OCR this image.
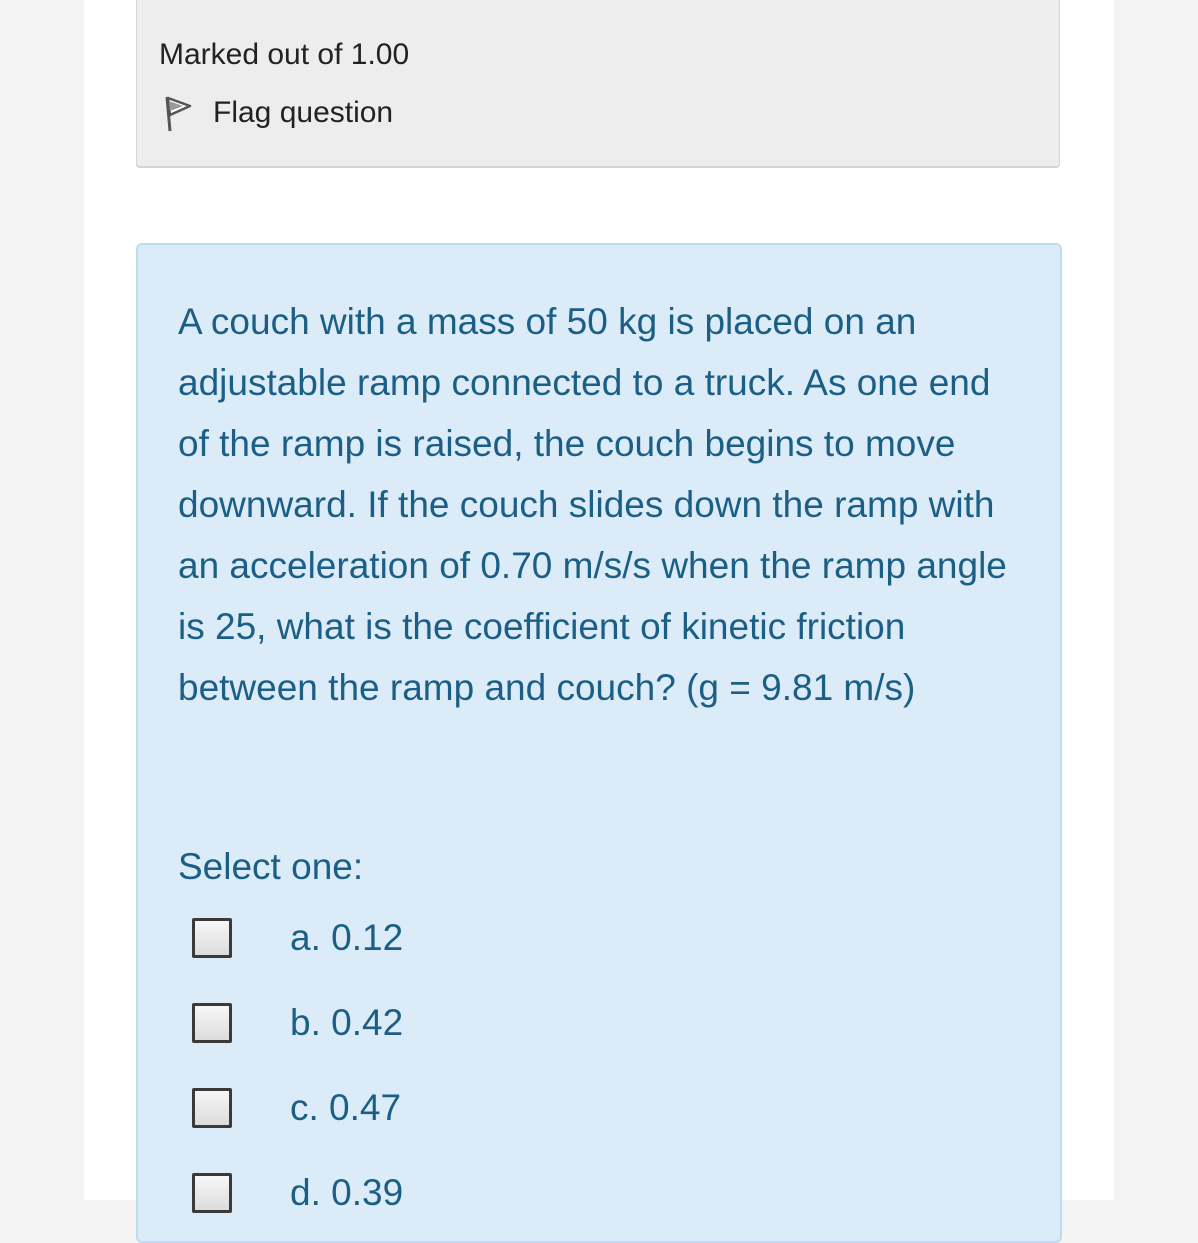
Marked out of 1.00
Flag question
A couch with a mass of 50 kg is placed on an adjustable ramp connected to a truck. As one end of the ramp is raised, the couch begins to move downward. If the couch slides down the ramp with an acceleration of 0.70 m/s/s when the ramp angle is 25, what is the coefficient of kinetic friction between the ramp and couch? (g = 9.81 m/s)
Select one:
a. 0.12
b. 0.42
c. 0.47
d. 0.39
